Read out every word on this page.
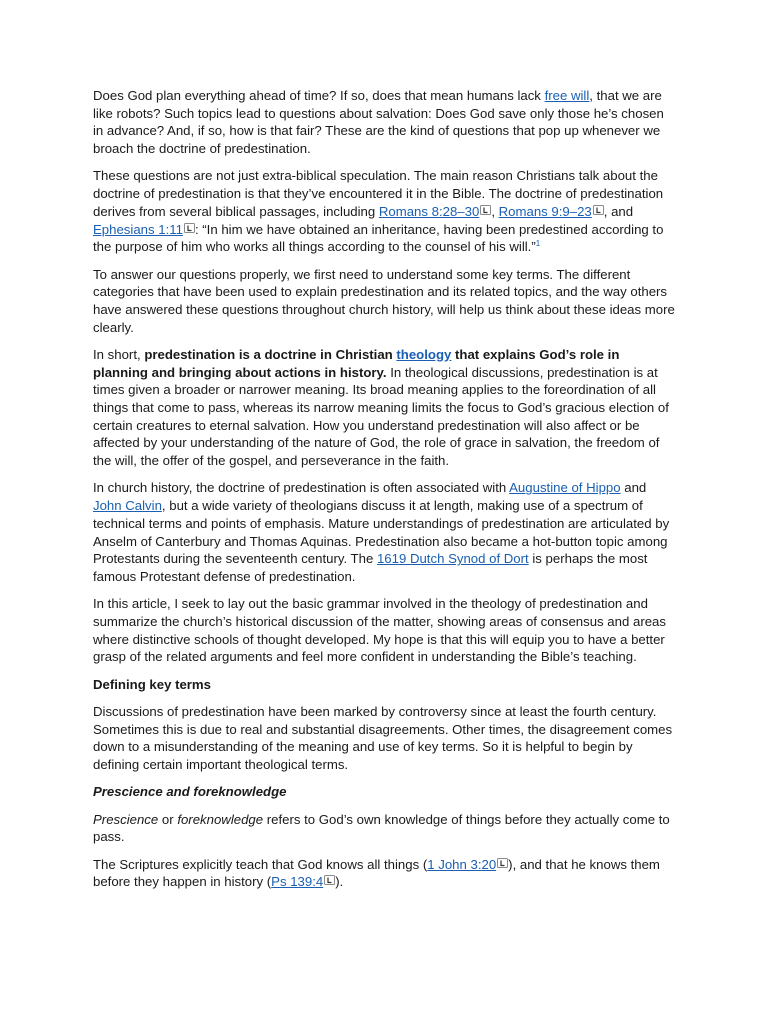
Does God plan everything ahead of time? If so, does that mean humans lack free will, that we are like robots? Such topics lead to questions about salvation: Does God save only those he’s chosen in advance? And, if so, how is that fair? These are the kind of questions that pop up whenever we broach the doctrine of predestination.

These questions are not just extra-biblical speculation. The main reason Christians talk about the doctrine of predestination is that they’ve encountered it in the Bible. The doctrine of predestination derives from several biblical passages, including Romans 8:28–30 , Romans 9:9–23 , and Ephesians 1:11 : “In him we have obtained an inheritance, having been predestined according to the purpose of him who works all things according to the counsel of his will.”$^1$

To answer our questions properly, we first need to understand some key terms. The different categories that have been used to explain predestination and its related topics, and the way others have answered these questions throughout church history, will help us think about these ideas more clearly.

In short, predestination is a doctrine in Christian theology that explains God’s role in planning and bringing about actions in history. In theological discussions, predestination is at times given a broader or narrower meaning. Its broad meaning applies to the foreordination of all things that come to pass, whereas its narrow meaning limits the focus to God’s gracious election of certain creatures to eternal salvation. How you understand predestination will also affect or be affected by your understanding of the nature of God, the role of grace in salvation, the freedom of the will, the offer of the gospel, and perseverance in the faith.

In church history, the doctrine of predestination is often associated with Augustine of Hippo and John Calvin, but a wide variety of theologians discuss it at length, making use of a spectrum of technical terms and points of emphasis. Mature understandings of predestination are articulated by Anselm of Canterbury and Thomas Aquinas. Predestination also became a hot-button topic among Protestants during the seventeenth century. The 1619 Dutch Synod of Dort is perhaps the most famous Protestant defense of predestination.

In this article, I seek to lay out the basic grammar involved in the theology of predestination and summarize the church’s historical discussion of the matter, showing areas of consensus and areas where distinctive schools of thought developed. My hope is that this will equip you to have a better grasp of the related arguments and feel more confident in understanding the Bible’s teaching.

Defining key terms

Discussions of predestination have been marked by controversy since at least the fourth century. Sometimes this is due to real and substantial disagreements. Other times, the disagreement comes down to a misunderstanding of the meaning and use of key terms. So it is helpful to begin by defining certain important theological terms.

Prescience and foreknowledge

Prescience or foreknowledge refers to God’s own knowledge of things before they actually come to pass.

The Scriptures explicitly teach that God knows all things (1 John 3:20 ), and that he knows them before they happen in history (Ps 139:4 ).
